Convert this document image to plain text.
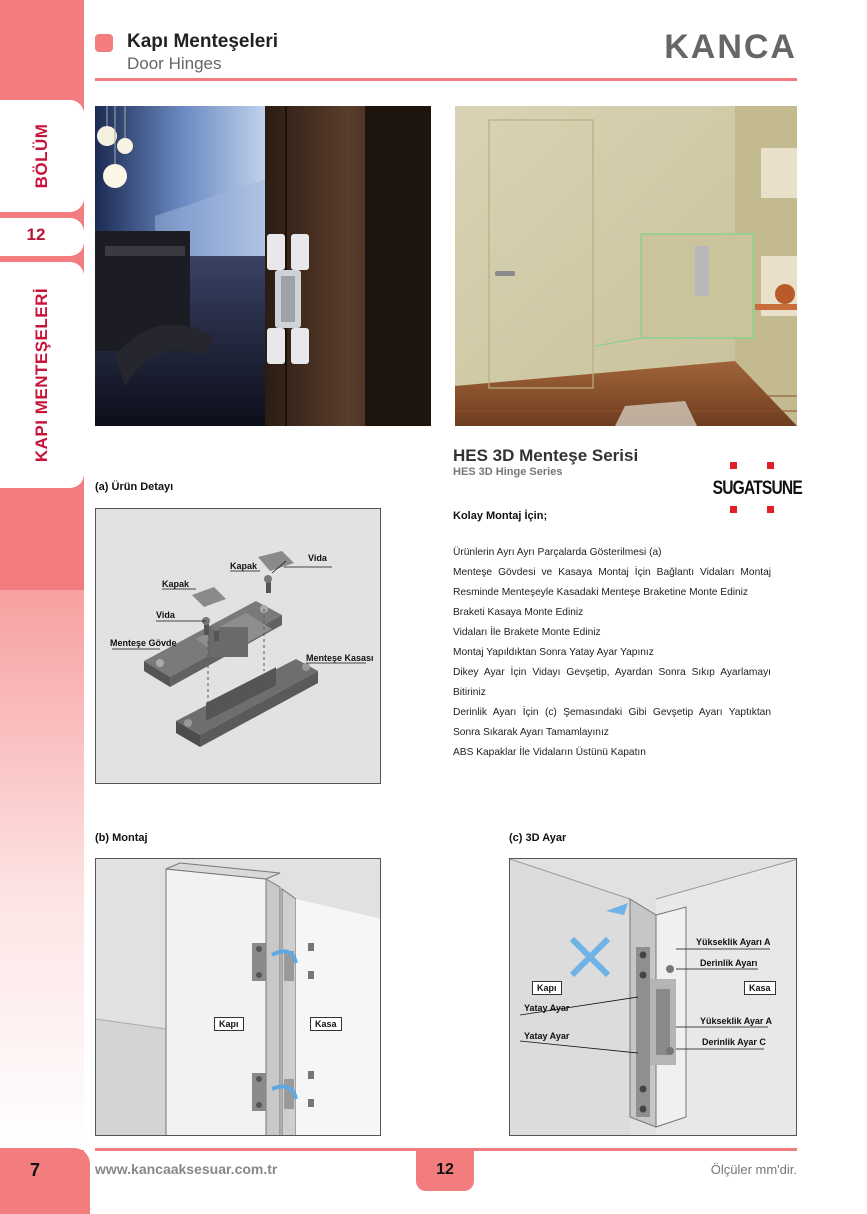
BÖLÜM
12
KAPI MENTEŞELERİ
7
Kapı Menteşeleri
Door Hinges	KANCA
HES 3D Menteşe Serisi
HES 3D Hinge Series
SUGATSUNE
Kolay Montaj İçin;

Ürünlerin Ayrı Ayrı Parçalarda Gösterilmesi (a)

Menteşe Gövdesi ve Kasaya Montaj İçin Bağlantı Vidaları Montaj Resminde Menteşeyle Kasadaki Menteşe Braketine Monte Ediniz

Braketi Kasaya Monte Ediniz

Vidaları İle Brakete Monte Ediniz

Montaj Yapıldıktan Sonra Yatay Ayar Yapınız

Dikey Ayar İçin Vidayı Gevşetip, Ayardan Sonra Sıkıp Ayarlamayı Bitiriniz

Derinlik Ayarı İçin (c) Şemasındaki Gibi Gevşetip Ayarı Yaptıktan Sonra Sıkarak Ayarı Tamamlayınız

ABS Kapaklar İle Vidaların Üstünü Kapatın

(a) Ürün Detayı
Vida
Kapak
Kapak
Vida
Menteşe Gövde
Menteşe Kasası
(b) Montaj
Kapı	Kasa
(c) 3D Ayar
Yükseklik Ayarı A
Derinlik Ayarı
Kapı	Kasa
Yatay Ayar
Yatay Ayar
Yükseklik Ayar A
Derinlik Ayar C
www.kancaaksesuar.com.tr	12	Ölçüler mm'dir.
